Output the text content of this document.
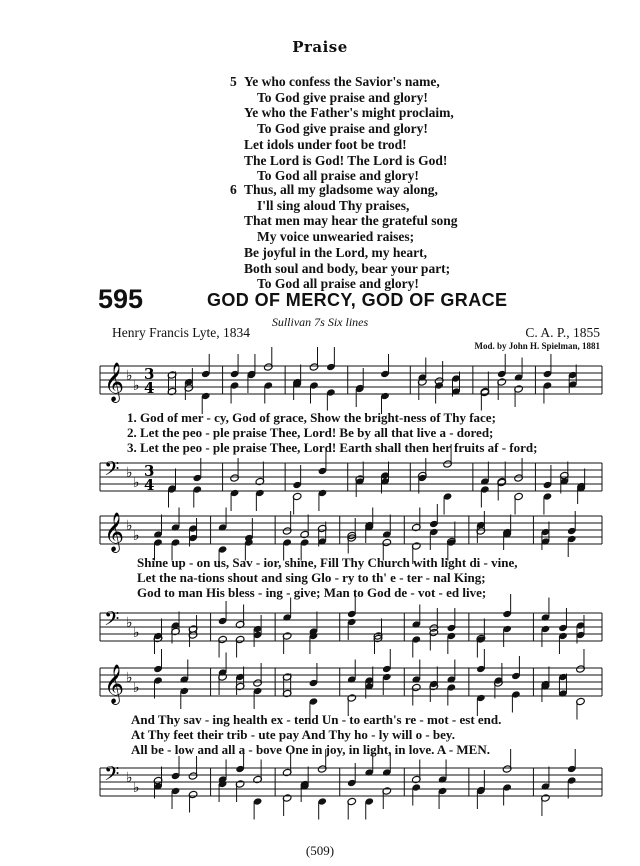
Praise
5 Ye who confess the Savior's name,
To God give praise and glory!
Ye who the Father's might proclaim,
To God give praise and glory!
Let idols under foot be trod!
The Lord is God! The Lord is God!
To God all praise and glory!
6 Thus, all my gladsome way along,
I'll sing aloud Thy praises,
That men may hear the grateful song
My voice unwearied raises;
Be joyful in the Lord, my heart,
Both soul and body, bear your part;
To God all praise and glory!
595	GOD OF MERCY, GOD OF GRACE
Sullivan 7s Six lines
Henry Francis Lyte, 1834	C. A. P., 1855
Mod. by John H. Spielman, 1881
𝄞 ♭
♭
3
4
1. God of mer - cy, God of grace, Show the bright-ness of Thy face;
2. Let the peo - ple praise Thee, Lord! Be by all that live a - dored;
3. Let the peo - ple praise Thee, Lord! Earth shall then her fruits af - ford;
𝄢 ♭
♭
3
4
𝄞 ♭
♭
Shine up - on us, Sav - ior, shine, Fill Thy Church with light di - vine,
Let the na-tions shout and sing Glo - ry to th' e - ter - nal King;
God to man His bless - ing - give; Man to God de - vot - ed live;
𝄢 ♭
♭
𝄞 ♭
♭
And Thy sav - ing health ex - tend Un - to earth's re - mot - est end.
At Thy feet their trib - ute pay And Thy ho - ly will o - bey.
All be - low and all a - bove One in joy, in light, in love. A - MEN.
𝄢 ♭
♭
(509)
